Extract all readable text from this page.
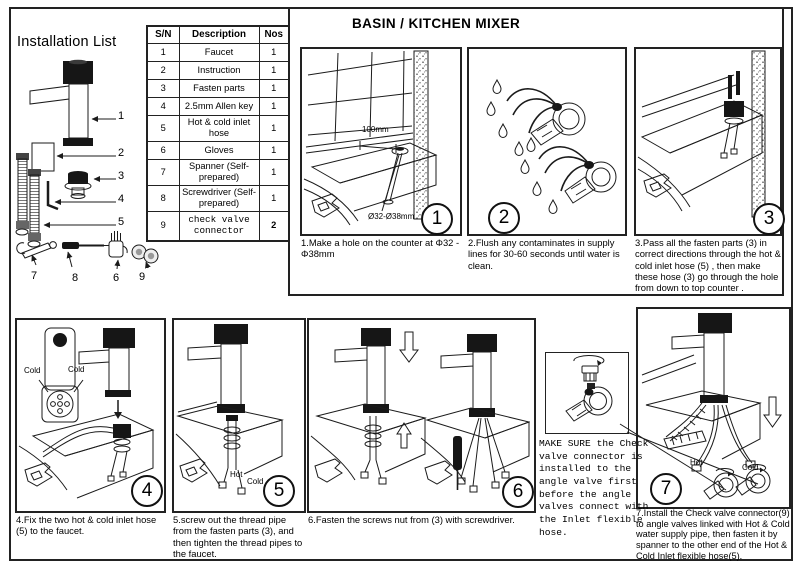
Installation List
BASIN / KITCHEN MIXER
1
2
3
4
5
6
7	8	9
S/N	Description	Nos
1	Faucet	1
2	Instruction	1
3	Fasten parts	1
4	2.5mm Allen key	1
5	Hot & cold inlet hose	1
6	Gloves	1
7	Spanner (Self-prepared)	1
8	Screwdriver (Self-prepared)	1
9	check valve connector	2
100mm
Ø32-Ø38mm 1
1.Make a hole on the counter at Φ32 - Φ38mm
2
2.Flush any contaminates in supply lines for 30-60 seconds until water is clean.
3
3.Pass all the fasten parts (3) in correct directions through the hot & cold inlet hose (5) , then make these hose (3) go through the hole from down to top counter .
Cold	Cold
4
4.Fix the two hot & cold inlet hose (5) to the faucet.
Hot
Cold 5
5.screw out the thread pipe from the fasten parts (3), and then tighten the thread pipes to the faucet.
6
6.Fasten the screws nut from (3) with screwdriver.
MAKE SURE the Check valve connector is installed to the angle valve first before the angle valves connect with the Inlet flexible hose.
Hot
Cold
7
7.Install the Check valve connector(9) to angle valves linked with Hot & Cold water supply pipe, then fasten it by spanner to the other end of the Hot & Cold Inlet flexible hose(5).
